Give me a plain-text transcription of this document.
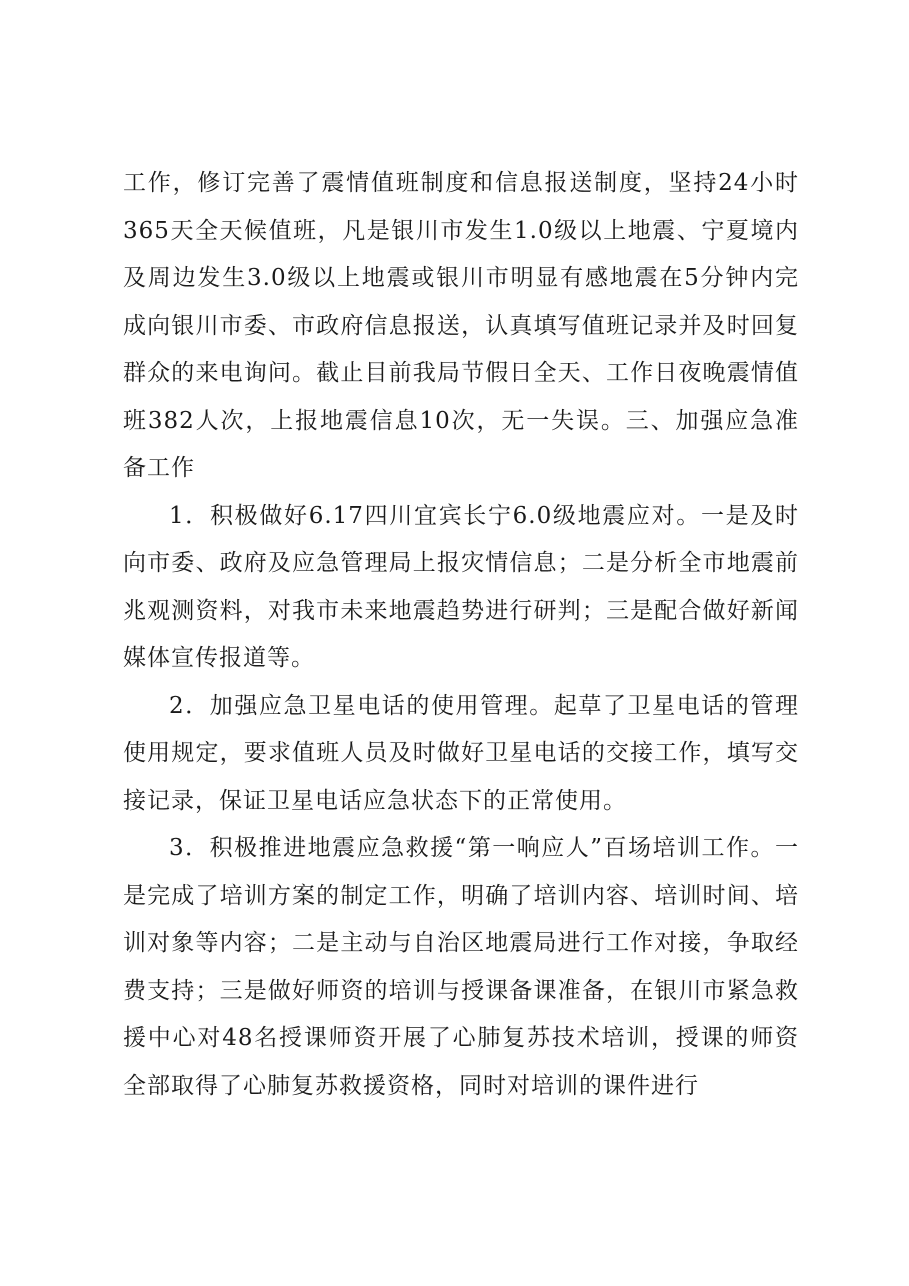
工作，修订完善了震情值班制度和信息报送制度，坚持24小时365天全天候值班，凡是银川市发生1.0级以上地震、宁夏境内及周边发生3.0级以上地震或银川市明显有感地震在5分钟内完成向银川市委、市政府信息报送，认真填写值班记录并及时回复群众的来电询问。截止目前我局节假日全天、工作日夜晚震情值班382人次，上报地震信息10次，无一失误。三、加强应急准备工作

1．积极做好6.17四川宜宾长宁6.0级地震应对。一是及时向市委、政府及应急管理局上报灾情信息；二是分析全市地震前兆观测资料，对我市未来地震趋势进行研判；三是配合做好新闻媒体宣传报道等。

2．加强应急卫星电话的使用管理。起草了卫星电话的管理使用规定，要求值班人员及时做好卫星电话的交接工作，填写交接记录，保证卫星电话应急状态下的正常使用。

3．积极推进地震应急救援“第一响应人”百场培训工作。一是完成了培训方案的制定工作，明确了培训内容、培训时间、培训对象等内容；二是主动与自治区地震局进行工作对接，争取经费支持；三是做好师资的培训与授课备课准备，在银川市紧急救援中心对48名授课师资开展了心肺复苏技术培训，授课的师资全部取得了心肺复苏救援资格，同时对培训的课件进行
